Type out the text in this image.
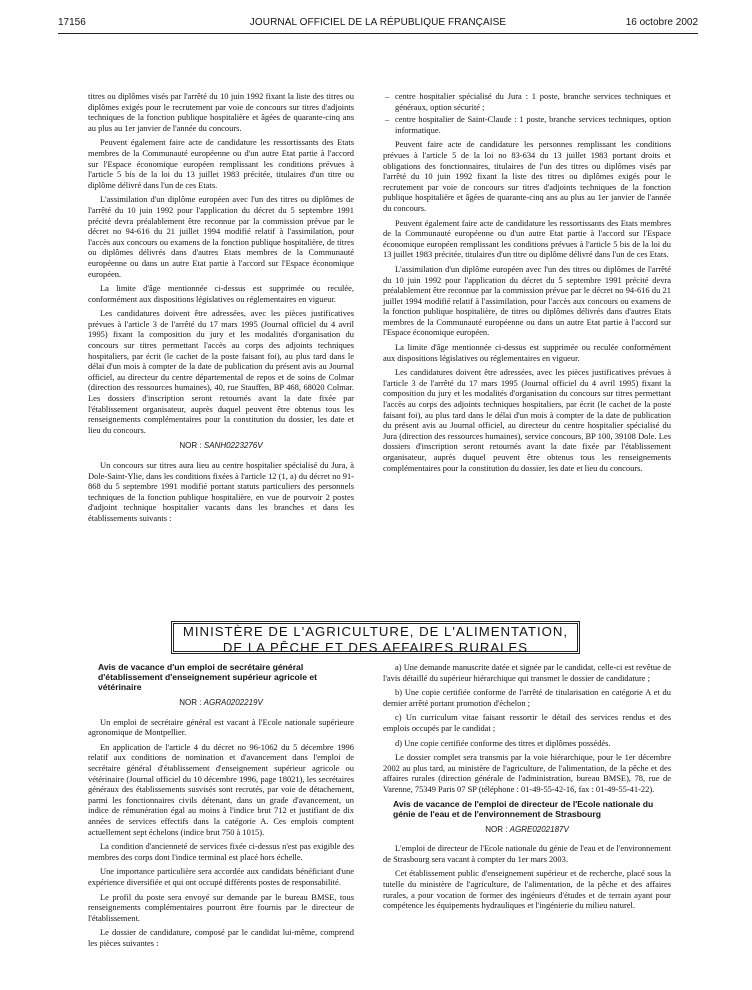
17156	JOURNAL OFFICIEL DE LA RÉPUBLIQUE FRANÇAISE	16 octobre 2002

titres ou diplômes visés par l'arrêté du 10 juin 1992 fixant la liste des titres ou diplômes exigés pour le recrutement par voie de concours sur titres d'adjoints techniques de la fonction publique hospitalière et âgées de quarante-cinq ans au plus au 1er janvier de l'année du concours.

Peuvent également faire acte de candidature les ressortissants des Etats membres de la Communauté européenne ou d'un autre Etat partie à l'accord sur l'Espace économique européen remplissant les conditions prévues à l'article 5 bis de la loi du 13 juillet 1983 précitée, titulaires d'un titre ou diplôme délivré dans l'un de ces Etats.

L'assimilation d'un diplôme européen avec l'un des titres ou diplômes de l'arrêté du 10 juin 1992 pour l'application du décret du 5 septembre 1991 précité devra préalablement être reconnue par la commission prévue par le décret no 94-616 du 21 juillet 1994 modifié relatif à l'assimilation, pour l'accès aux concours ou examens de la fonction publique hospitalière, de titres ou diplômes délivrés dans d'autres Etats membres de la Communauté européenne ou dans un autre Etat partie à l'accord sur l'Espace économique européen.

La limite d'âge mentionnée ci-dessus est supprimée ou reculée, conformément aux dispositions législatives ou réglementaires en vigueur.

Les candidatures doivent être adressées, avec les pièces justificatives prévues à l'article 3 de l'arrêté du 17 mars 1995 (Journal officiel du 4 avril 1995) fixant la composition du jury et les modalités d'organisation du concours sur titres permettant l'accès au corps des adjoints techniques hospitaliers, par écrit (le cachet de la poste faisant foi), au plus tard dans le délai d'un mois à compter de la date de publication du présent avis au Journal officiel, au directeur du centre départemental de repos et de soins de Colmar (direction des ressources humaines), 40, rue Stauffen, BP 468, 68020 Colmar. Les dossiers d'inscription seront retournés avant la date fixée par l'établissement organisateur, auprès duquel peuvent être obtenus tous les renseignements complémentaires pour la constitution du dossier, les date et lieu du concours.

NOR : SANH0223276V

Un concours sur titres aura lieu au centre hospitalier spécialisé du Jura, à Dole-Saint-Ylie, dans les conditions fixées à l'article 12 (1, a) du décret no 91-868 du 5 septembre 1991 modifié portant statuts particuliers des personnels techniques de la fonction publique hospitalière, en vue de pourvoir 2 postes d'adjoint technique hospitalier vacants dans les branches et dans les établissements suivants :

– centre hospitalier spécialisé du Jura : 1 poste, branche services techniques et généraux, option sécurité ;
– centre hospitalier de Saint-Claude : 1 poste, branche services techniques, option informatique.

Peuvent faire acte de candidature les personnes remplissant les conditions prévues à l'article 5 de la loi no 83-634 du 13 juillet 1983 portant droits et obligations des fonctionnaires, titulaires de l'un des titres ou diplômes visés par l'arrêté du 10 juin 1992 fixant la liste des titres ou diplômes exigés pour le recrutement par voie de concours sur titres d'adjoints techniques de la fonction publique hospitalière et âgées de quarante-cinq ans au plus au 1er janvier de l'année du concours.

Peuvent également faire acte de candidature les ressortissants des Etats membres de la Communauté européenne ou d'un autre Etat partie à l'accord sur l'Espace économique européen remplissant les conditions prévues à l'article 5 bis de la loi du 13 juillet 1983 précitée, titulaires d'un titre ou diplôme délivré dans l'un de ces Etats.

L'assimilation d'un diplôme européen avec l'un des titres ou diplômes de l'arrêté du 10 juin 1992 pour l'application du décret du 5 septembre 1991 précité devra préalablement être reconnue par la commission prévue par le décret no 94-616 du 21 juillet 1994 modifié relatif à l'assimilation, pour l'accès aux concours ou examens de la fonction publique hospitalière, de titres ou diplômes délivrés dans d'autres Etats membres de la Communauté européenne ou dans un autre Etat partie à l'accord sur l'Espace économique européen.

La limite d'âge mentionnée ci-dessus est supprimée ou reculée conformément aux dispositions législatives ou réglementaires en vigueur.

Les candidatures doivent être adressées, avec les pièces justificatives prévues à l'article 3 de l'arrêté du 17 mars 1995 (Journal officiel du 4 avril 1995) fixant la composition du jury et les modalités d'organisation du concours sur titres permettant l'accès au corps des adjoints techniques hospitaliers, par écrit (le cachet de la poste faisant foi), au plus tard dans le délai d'un mois à compter de la date de publication du présent avis au Journal officiel, au directeur du centre hospitalier spécialisé du Jura (direction des ressources humaines), service concours, BP 100, 39108 Dole. Les dossiers d'inscription seront retournés avant la date fixée par l'établissement organisateur, auprès duquel peuvent être obtenus tous les renseignements complémentaires pour la constitution du dossier, les date et lieu du concours.

MINISTÈRE DE L'AGRICULTURE, DE L'ALIMENTATION,
DE LA PÊCHE ET DES AFFAIRES RURALES

Avis de vacance d'un emploi de secrétaire général d'établissement d'enseignement supérieur agricole et vétérinaire

NOR : AGRA0202219V

Un emploi de secrétaire général est vacant à l'Ecole nationale supérieure agronomique de Montpellier.

En application de l'article 4 du décret no 96-1062 du 5 décembre 1996 relatif aux conditions de nomination et d'avancement dans l'emploi de secrétaire général d'établissement d'enseignement supérieur agricole ou vétérinaire (Journal officiel du 10 décembre 1996, page 18021), les secrétaires généraux des établissements susvisés sont recrutés, par voie de détachement, parmi les fonctionnaires civils détenant, dans un grade d'avancement, un indice de rémunération égal au moins à l'indice brut 712 et justifiant de dix années de services effectifs dans la catégorie A. Ces emplois comptent actuellement sept échelons (indice brut 750 à 1015).

La condition d'ancienneté de services fixée ci-dessus n'est pas exigible des membres des corps dont l'indice terminal est placé hors échelle.

Une importance particulière sera accordée aux candidats bénéficiant d'une expérience diversifiée et qui ont occupé différents postes de responsabilité.

Le profil du poste sera envoyé sur demande par le bureau BMSE, tous renseignements complémentaires pourront être fournis par le directeur de l'établissement.

Le dossier de candidature, composé par le candidat lui-même, comprend les pièces suivantes :

a) Une demande manuscrite datée et signée par le candidat, celle-ci est revêtue de l'avis détaillé du supérieur hiérarchique qui transmet le dossier de candidature ;

b) Une copie certifiée conforme de l'arrêté de titularisation en catégorie A et du dernier arrêté portant promotion d'échelon ;

c) Un curriculum vitae faisant ressortir le détail des services rendus et des emplois occupés par le candidat ;

d) Une copie certifiée conforme des titres et diplômes possédés.

Le dossier complet sera transmis par la voie hiérarchique, pour le 1er décembre 2002 au plus tard, au ministère de l'agriculture, de l'alimentation, de la pêche et des affaires rurales (direction générale de l'administration, bureau BMSE), 78, rue de Varenne, 75349 Paris 07 SP (téléphone : 01-49-55-42-16, fax : 01-49-55-41-22).

Avis de vacance de l'emploi de directeur de l'Ecole nationale du génie de l'eau et de l'environnement de Strasbourg

NOR : AGRE0202187V

L'emploi de directeur de l'Ecole nationale du génie de l'eau et de l'environnement de Strasbourg sera vacant à compter du 1er mars 2003.

Cet établissement public d'enseignement supérieur et de recherche, placé sous la tutelle du ministère de l'agriculture, de l'alimentation, de la pêche et des affaires rurales, a pour vocation de former des ingénieurs d'études et de terrain ayant pour compétence les équipements hydrauliques et l'ingénierie du milieu naturel.
